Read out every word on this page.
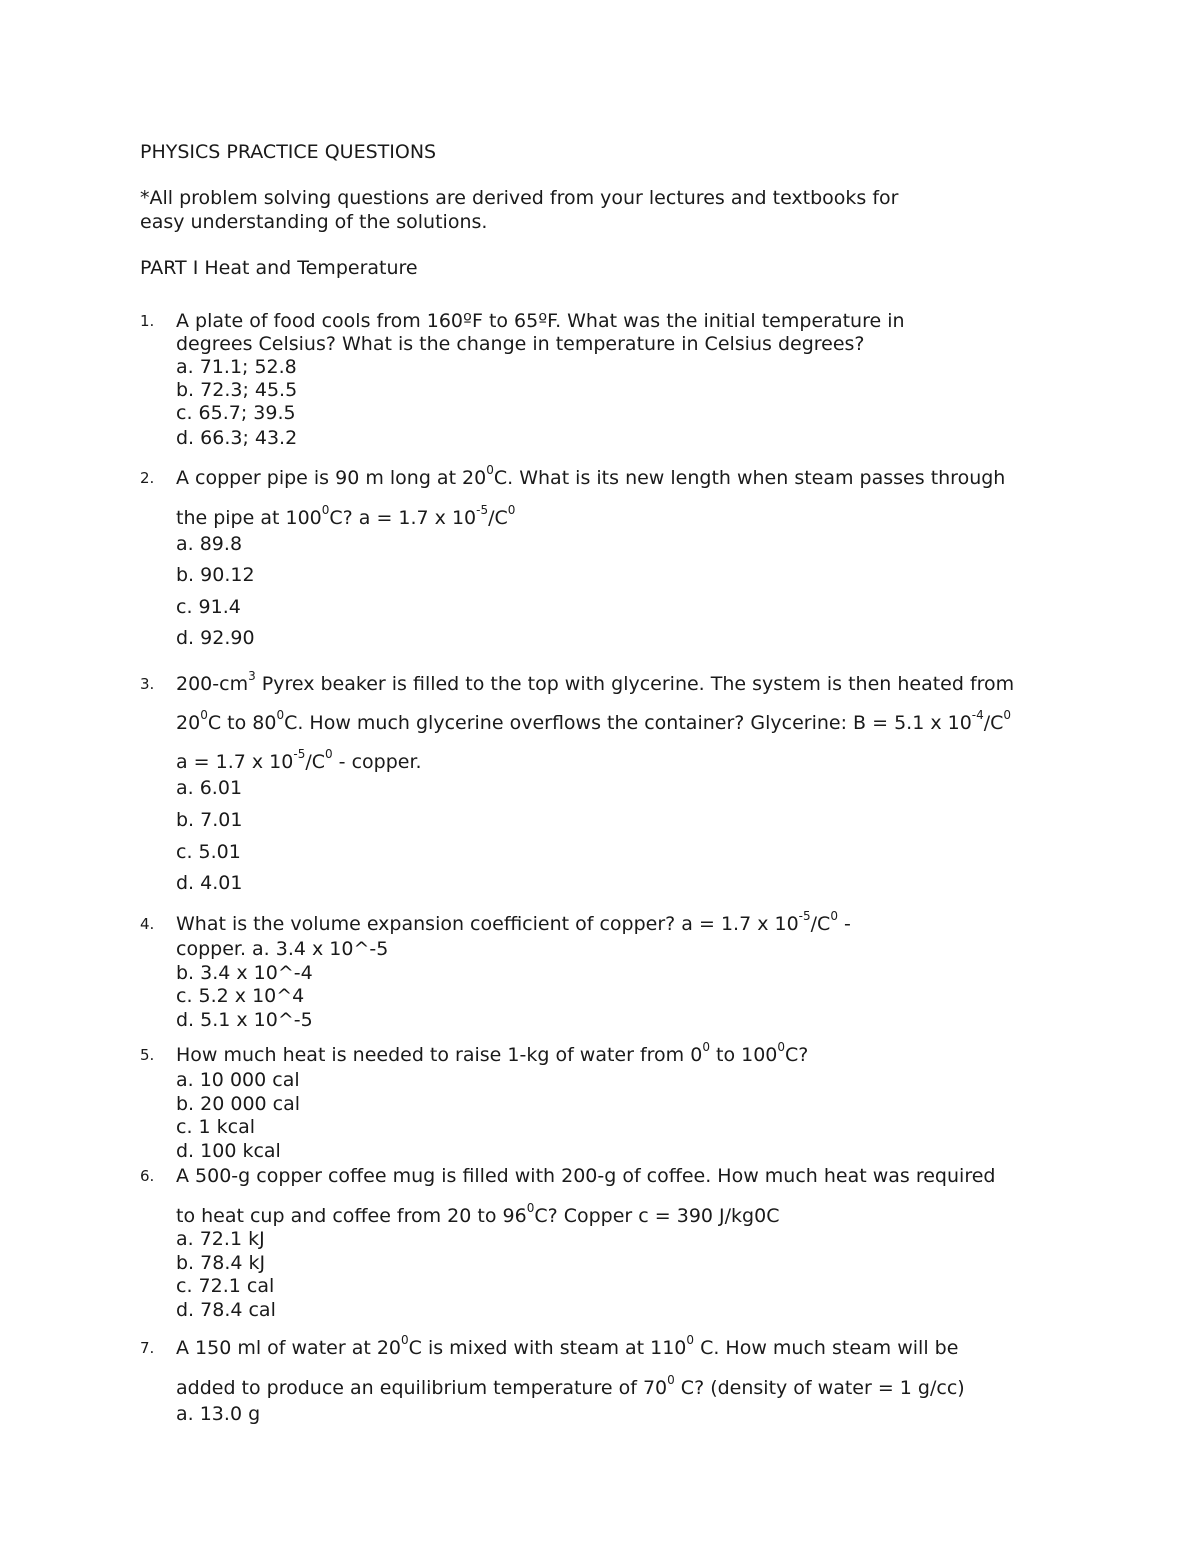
PHYSICS PRACTICE QUESTIONS
*All problem solving questions are derived from your lectures and textbooks for
easy understanding of the solutions.
PART I Heat and Temperature
1. A plate of food cools from 160ºF to 65ºF. What was the initial temperature in
degrees Celsius? What is the change in temperature in Celsius degrees?
a. 71.1; 52.8
b. 72.3; 45.5
c. 65.7; 39.5
d. 66.3; 43.2
2. A copper pipe is 90 m long at $20^0C$. What is its new length when steam passes through
the pipe at $100^0C$? a = 1.7 x $10^{-5}/C^0$
a. 89.8
b. 90.12
c. 91.4
d. 92.90
3. $200-cm^3$ Pyrex beaker is filled to the top with glycerine. The system is then heated from
$20^0C$ to $80^0C$. How much glycerine overflows the container? Glycerine: B = 5.1 x $10^{-4}/C^0$
a = 1.7 x $10^{-5}/C^0$ - copper.
a. 6.01
b. 7.01
c. 5.01
d. 4.01
4. What is the volume expansion coefficient of copper? a = 1.7 x $10^{-5}/C^0$ -
copper. a. 3.4 x 10^-5
b. 3.4 x 10^-4
c. 5.2 x 10^4
d. 5.1 x 10^-5
5. How much heat is needed to raise 1-kg of water from $0^0$ to $100^0C$?
a. 10 000 cal
b. 20 000 cal
c. 1 kcal
d. 100 kcal
6. A 500-g copper coffee mug is filled with 200-g of coffee. How much heat was required
to heat cup and coffee from 20 to $96^0C$? Copper c = 390 J/kg0C
a. 72.1 kJ
b. 78.4 kJ
c. 72.1 cal
d. 78.4 cal
7. A 150 ml of water at $20^0C$ is mixed with steam at $110^0$ C. How much steam will be
added to produce an equilibrium temperature of $70^0$ C? (density of water = 1 g/cc)
a. 13.0 g
